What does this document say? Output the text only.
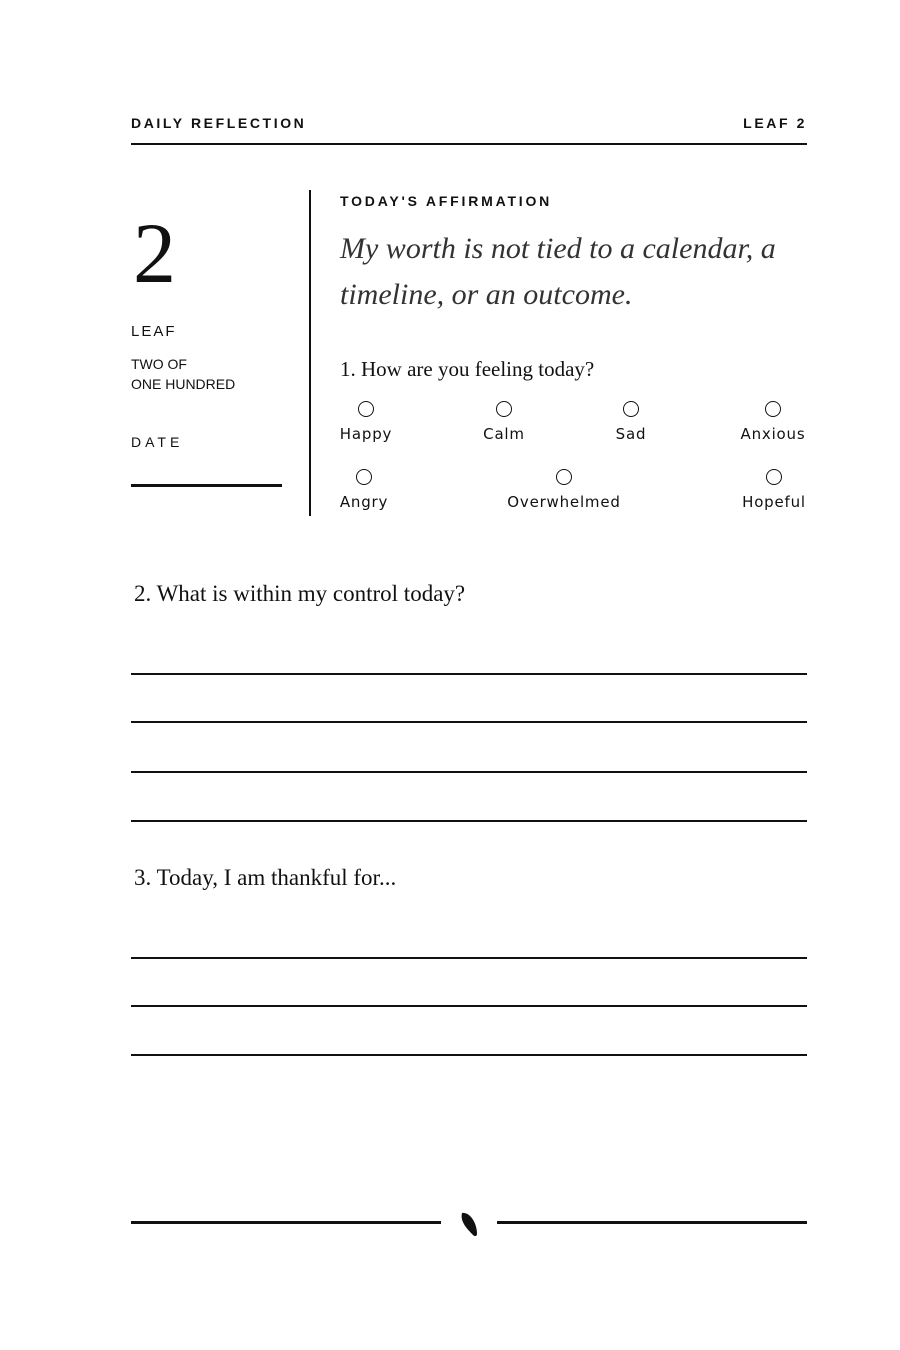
DAILY REFLECTION	LEAF 2
2
LEAF
TWO OF
ONE HUNDRED
DATE
TODAY'S AFFIRMATION
My worth is not tied to a calendar, a timeline, or an outcome.
1. How are you feeling today?
Happy	Calm	Sad	Anxious
Angry	Overwhelmed	Hopeful
2. What is within my control today?
3. Today, I am thankful for...
